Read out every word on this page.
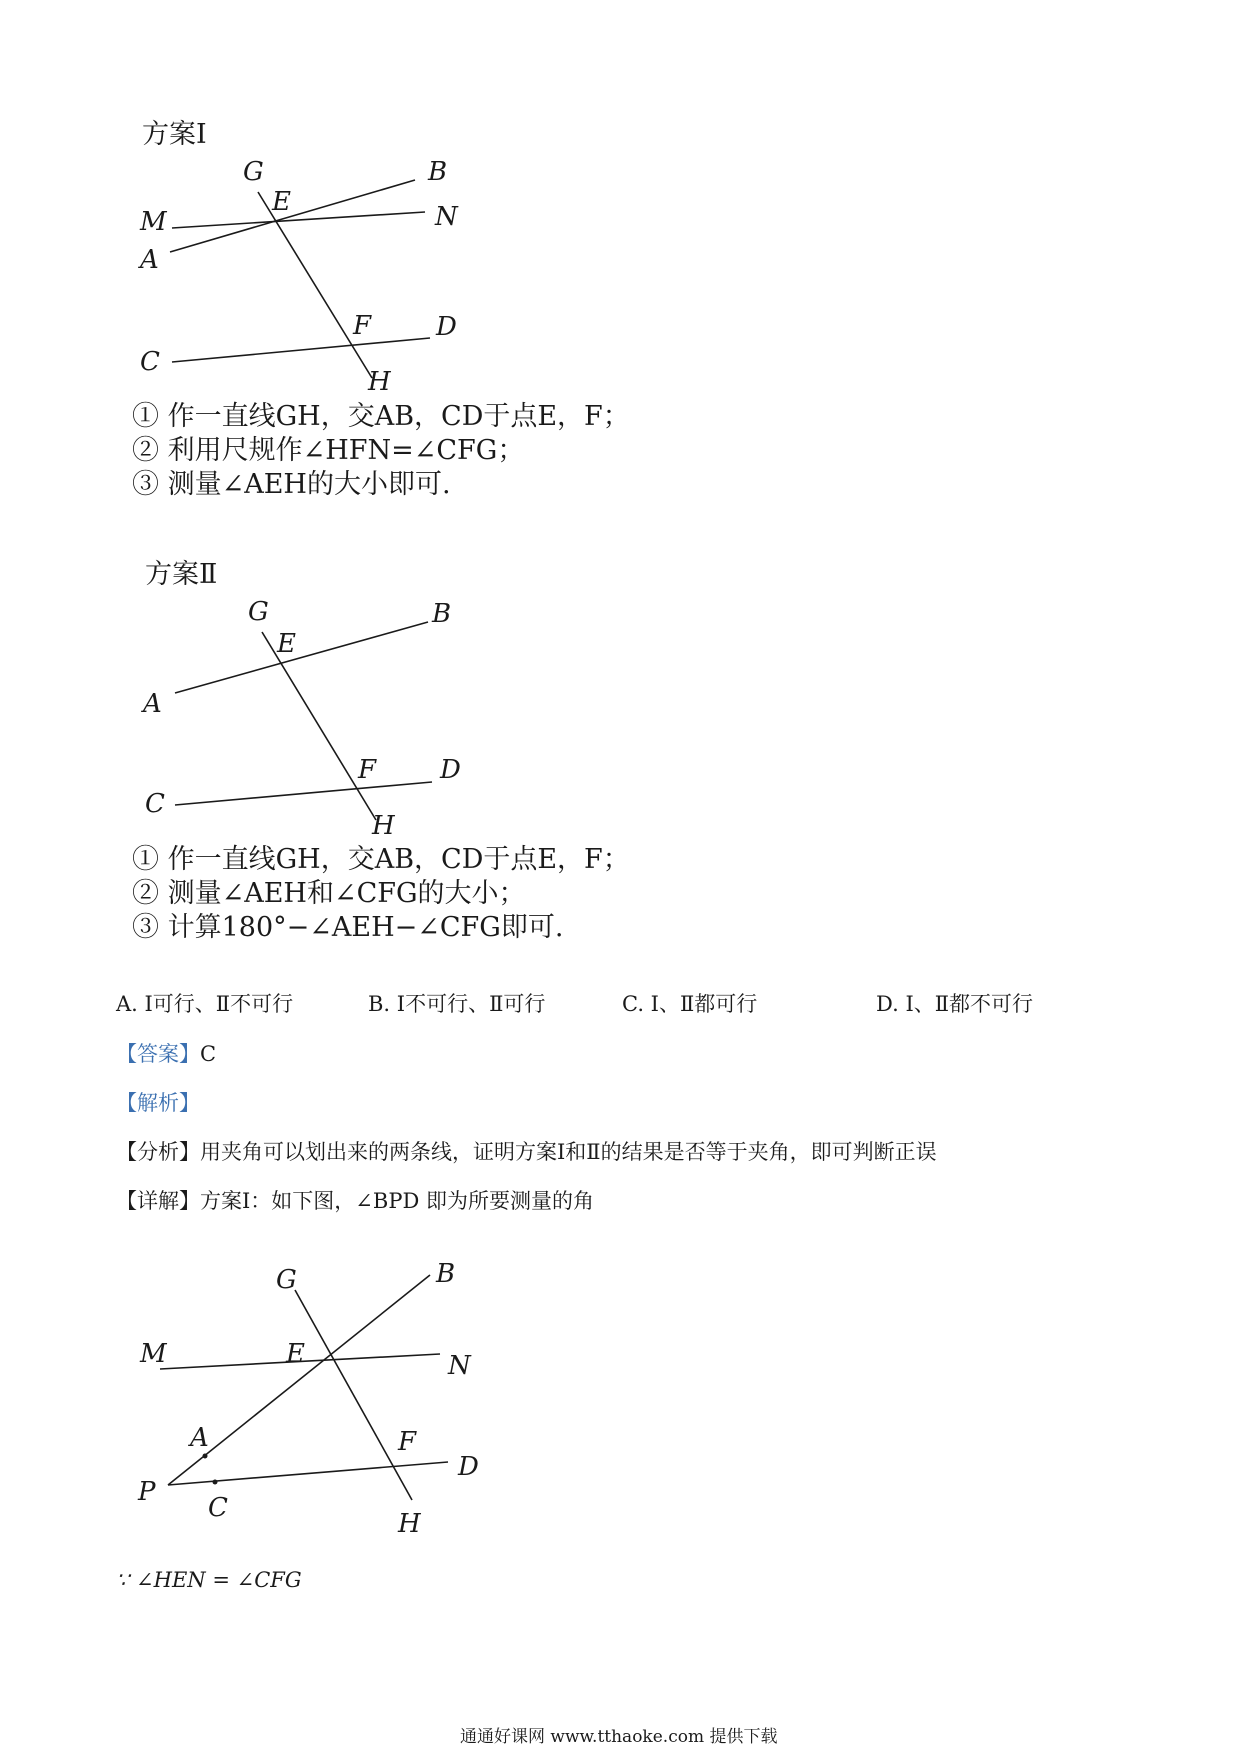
方案Ⅰ
G
E
B
M	N
A
F D
C
H
① 作一直线GH，交AB，CD于点E，F；
② 利用尺规作∠HFN=∠CFG；
③ 测量∠AEH的大小即可.
方案Ⅱ
G
E
B
A
F D
C
H
① 作一直线GH，交AB，CD于点E，F；
② 测量∠AEH和∠CFG的大小；
③ 计算180°−∠AEH−∠CFG即可.
A. Ⅰ可行、Ⅱ不可行	B. Ⅰ不可行、Ⅱ可行	C. Ⅰ、Ⅱ都可行	D. Ⅰ、Ⅱ都不可行
【答案】C
【解析】
【分析】用夹角可以划出来的两条线，证明方案Ⅰ和Ⅱ的结果是否等于夹角，即可判断正误
【详解】方案Ⅰ：如下图，∠BPD 即为所要测量的角
G	B
M	E	N
A	F
D
P
C
H
∵ ∠HEN = ∠CFG
通通好课网 www.tthaoke.com 提供下载
